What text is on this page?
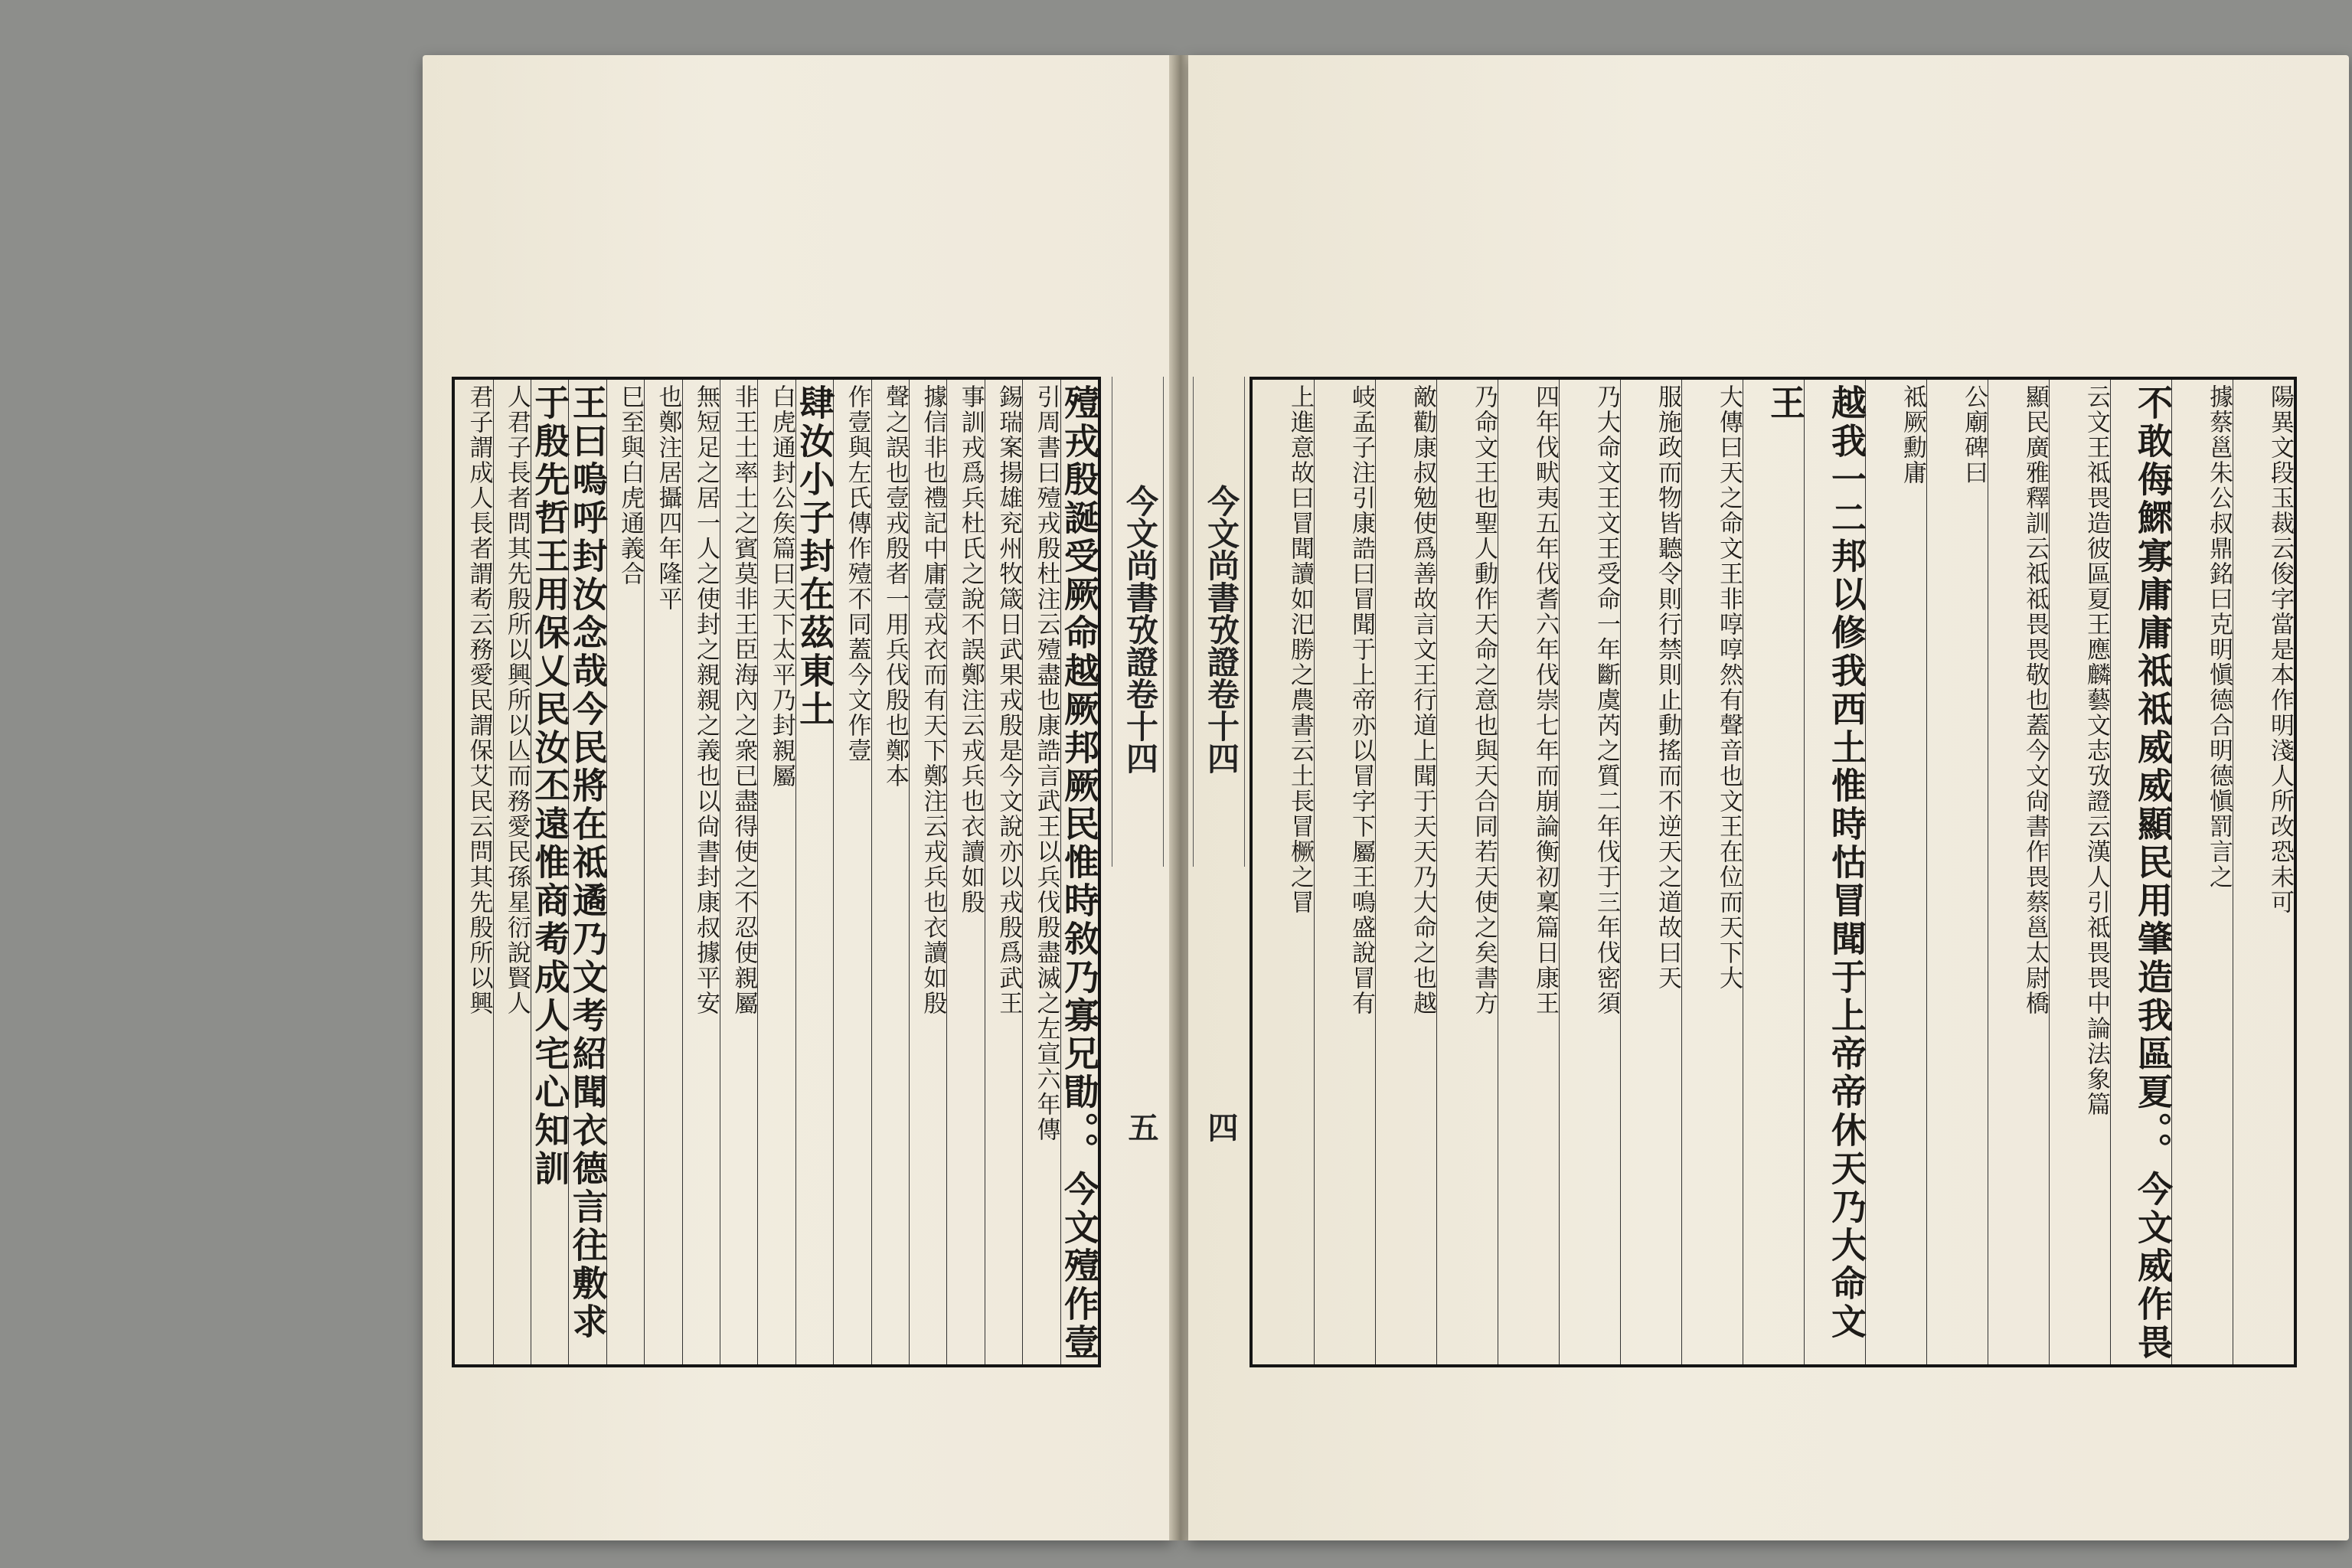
殪戎殷誕受厥命越厥邦厥民惟時敘乃寡兄勖。。今文殪作壹
引周書曰殪戎殷杜注云殪盡也康誥言武王以兵伐殷盡滅之左宣六年傳
錫瑞案揚雄兖州牧箴日武果戎殷是今文說亦以戎殷爲武王
事訓戎爲兵杜氏之說不誤鄭注云戎兵也衣讀如殷
據信非也禮記中庸壹戎衣而有天下鄭注云戎兵也衣讀如殷
聲之誤也壹戎殷者一用兵伐殷也鄭本
作壹與左氏傳作殪不同蓋今文作壹
肆汝小子封在茲東土
白虎通封公矦篇曰天下太平乃封親屬
非王土率土之賓莫非王臣海內之衆已盡得使之不忍使親屬
無短足之居一人之使封之親親之義也以尙書封康叔據平安
也鄭注居攝四年隆平
巳至與白虎通義合
王曰嗚呼封汝念哉今民將在祗遹乃文考紹聞衣德言往敷求
于殷先哲王用保乂民汝丕遠惟商耇成人宅心知訓
人君子長者問其先殷所以興所以亾而務愛民孫星衍說賢人
君子謂成人長者謂耇云務愛民謂保艾民云問其先殷所以興	今文尚書攷證卷十四
五
今文尚書攷證卷十四
四
陽異文段玉裁云俊字當是本作明淺人所改恐未可
據蔡邕朱公叔鼎銘曰克明愼德合明德愼罰言之
不敢侮鰥寡庸庸祗祗威威顯民用肇造我區夏。。今文威作畏
云文王祗畏造彼區夏王應麟藝文志攷證云漢人引祗畏畏中論法象篇
顯民廣雅釋訓云祗祗畏畏敬也蓋今文尙書作畏蔡邕太尉橋
公廟碑曰
祗厥勳庸
越我一二邦以修我西土惟時怙冒聞于上帝帝休天乃大命文
王
大傳曰天之命文王非啍啍然有聲音也文王在位而天下大
服施政而物皆聽令則行禁則止動搖而不逆天之道故曰天
乃大命文王文王受命一年斷虞芮之質二年伐于三年伐密須
四年伐畎夷五年伐耆六年伐崇七年而崩論衡初稟篇日康王
乃命文王也聖人動作天命之意也與天合同若天使之矣書方
敵勸康叔勉使爲善故言文王行道上聞于天天乃大命之也越
岐孟子注引康誥曰冒聞于上帝亦以冒字下屬王鳴盛說冒有
上進意故曰冒聞讀如汜勝之農書云土長冒橛之冒
